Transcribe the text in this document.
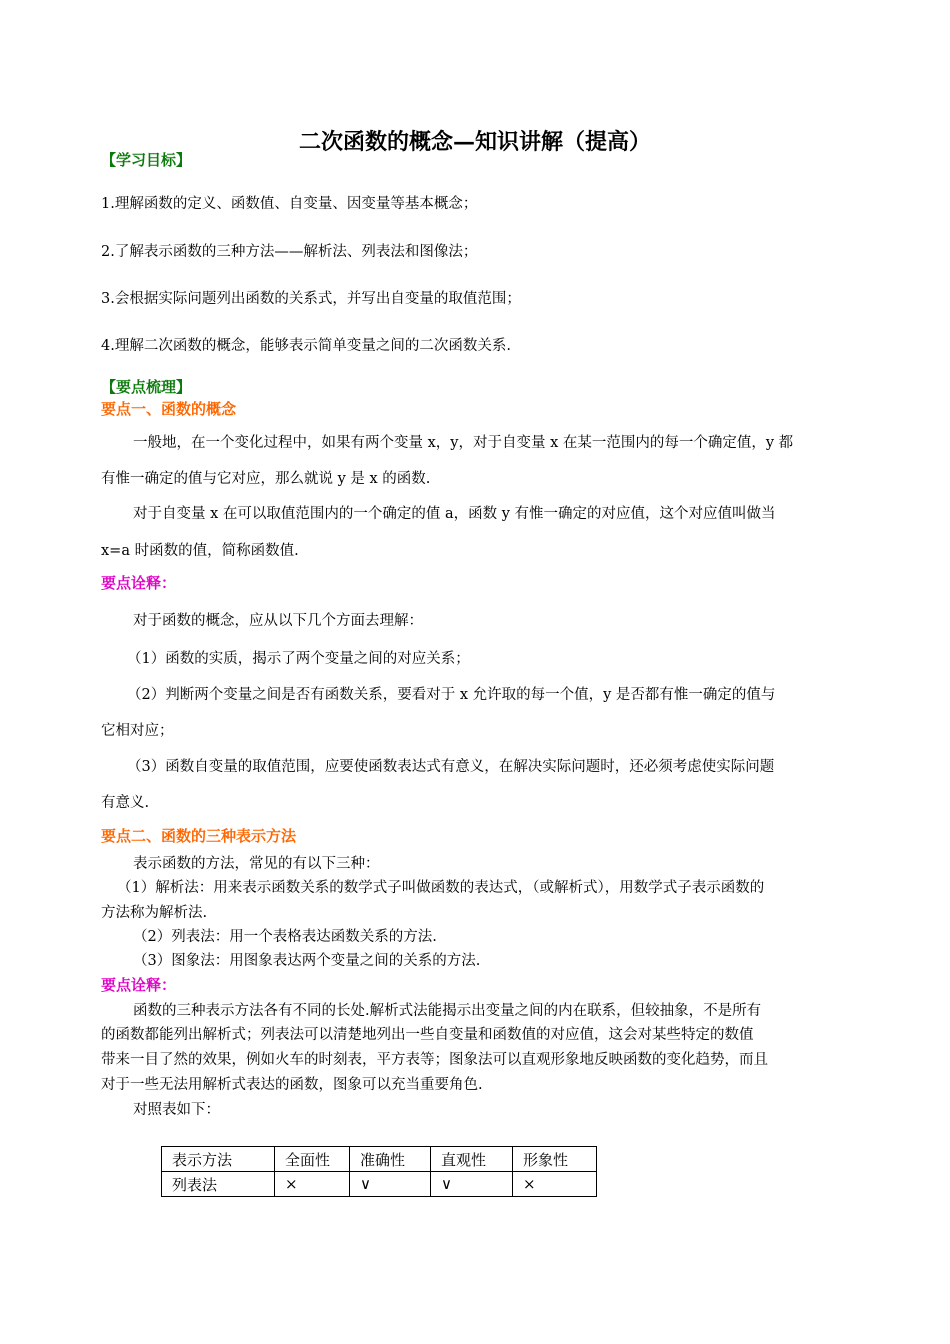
二次函数的概念—知识讲解（提高）
【学习目标】
1.理解函数的定义、函数值、自变量、因变量等基本概念；
2.了解表示函数的三种方法——解析法、列表法和图像法；
3.会根据实际问题列出函数的关系式，并写出自变量的取值范围；
4.理解二次函数的概念，能够表示简单变量之间的二次函数关系.
【要点梳理】
要点一、函数的概念
一般地，在一个变化过程中，如果有两个变量 x，y，对于自变量 x 在某一范围内的每一个确定值，y 都
有惟一确定的值与它对应，那么就说 y 是 x 的函数.
对于自变量 x 在可以取值范围内的一个确定的值 a，函数 y 有惟一确定的对应值，这个对应值叫做当
x=a 时函数的值，简称函数值.
要点诠释：
对于函数的概念，应从以下几个方面去理解：
（1）函数的实质，揭示了两个变量之间的对应关系；
（2）判断两个变量之间是否有函数关系，要看对于 x 允许取的每一个值，y 是否都有惟一确定的值与
它相对应；
（3）函数自变量的取值范围，应要使函数表达式有意义，在解决实际问题时，还必须考虑使实际问题
有意义.
要点二、函数的三种表示方法
表示函数的方法，常见的有以下三种：
（1）解析法：用来表示函数关系的数学式子叫做函数的表达式，（或解析式），用数学式子表示函数的
方法称为解析法.
（2）列表法：用一个表格表达函数关系的方法.
（3）图象法：用图象表达两个变量之间的关系的方法.
要点诠释：
函数的三种表示方法各有不同的长处.解析式法能揭示出变量之间的内在联系，但较抽象，不是所有
的函数都能列出解析式；列表法可以清楚地列出一些自变量和函数值的对应值，这会对某些特定的数值
带来一目了然的效果，例如火车的时刻表，平方表等；图象法可以直观形象地反映函数的变化趋势，而且
对于一些无法用解析式表达的函数，图象可以充当重要角色.
对照表如下：
表示方法	全面性	准确性	直观性	形象性
列表法	×	∨	∨	×
